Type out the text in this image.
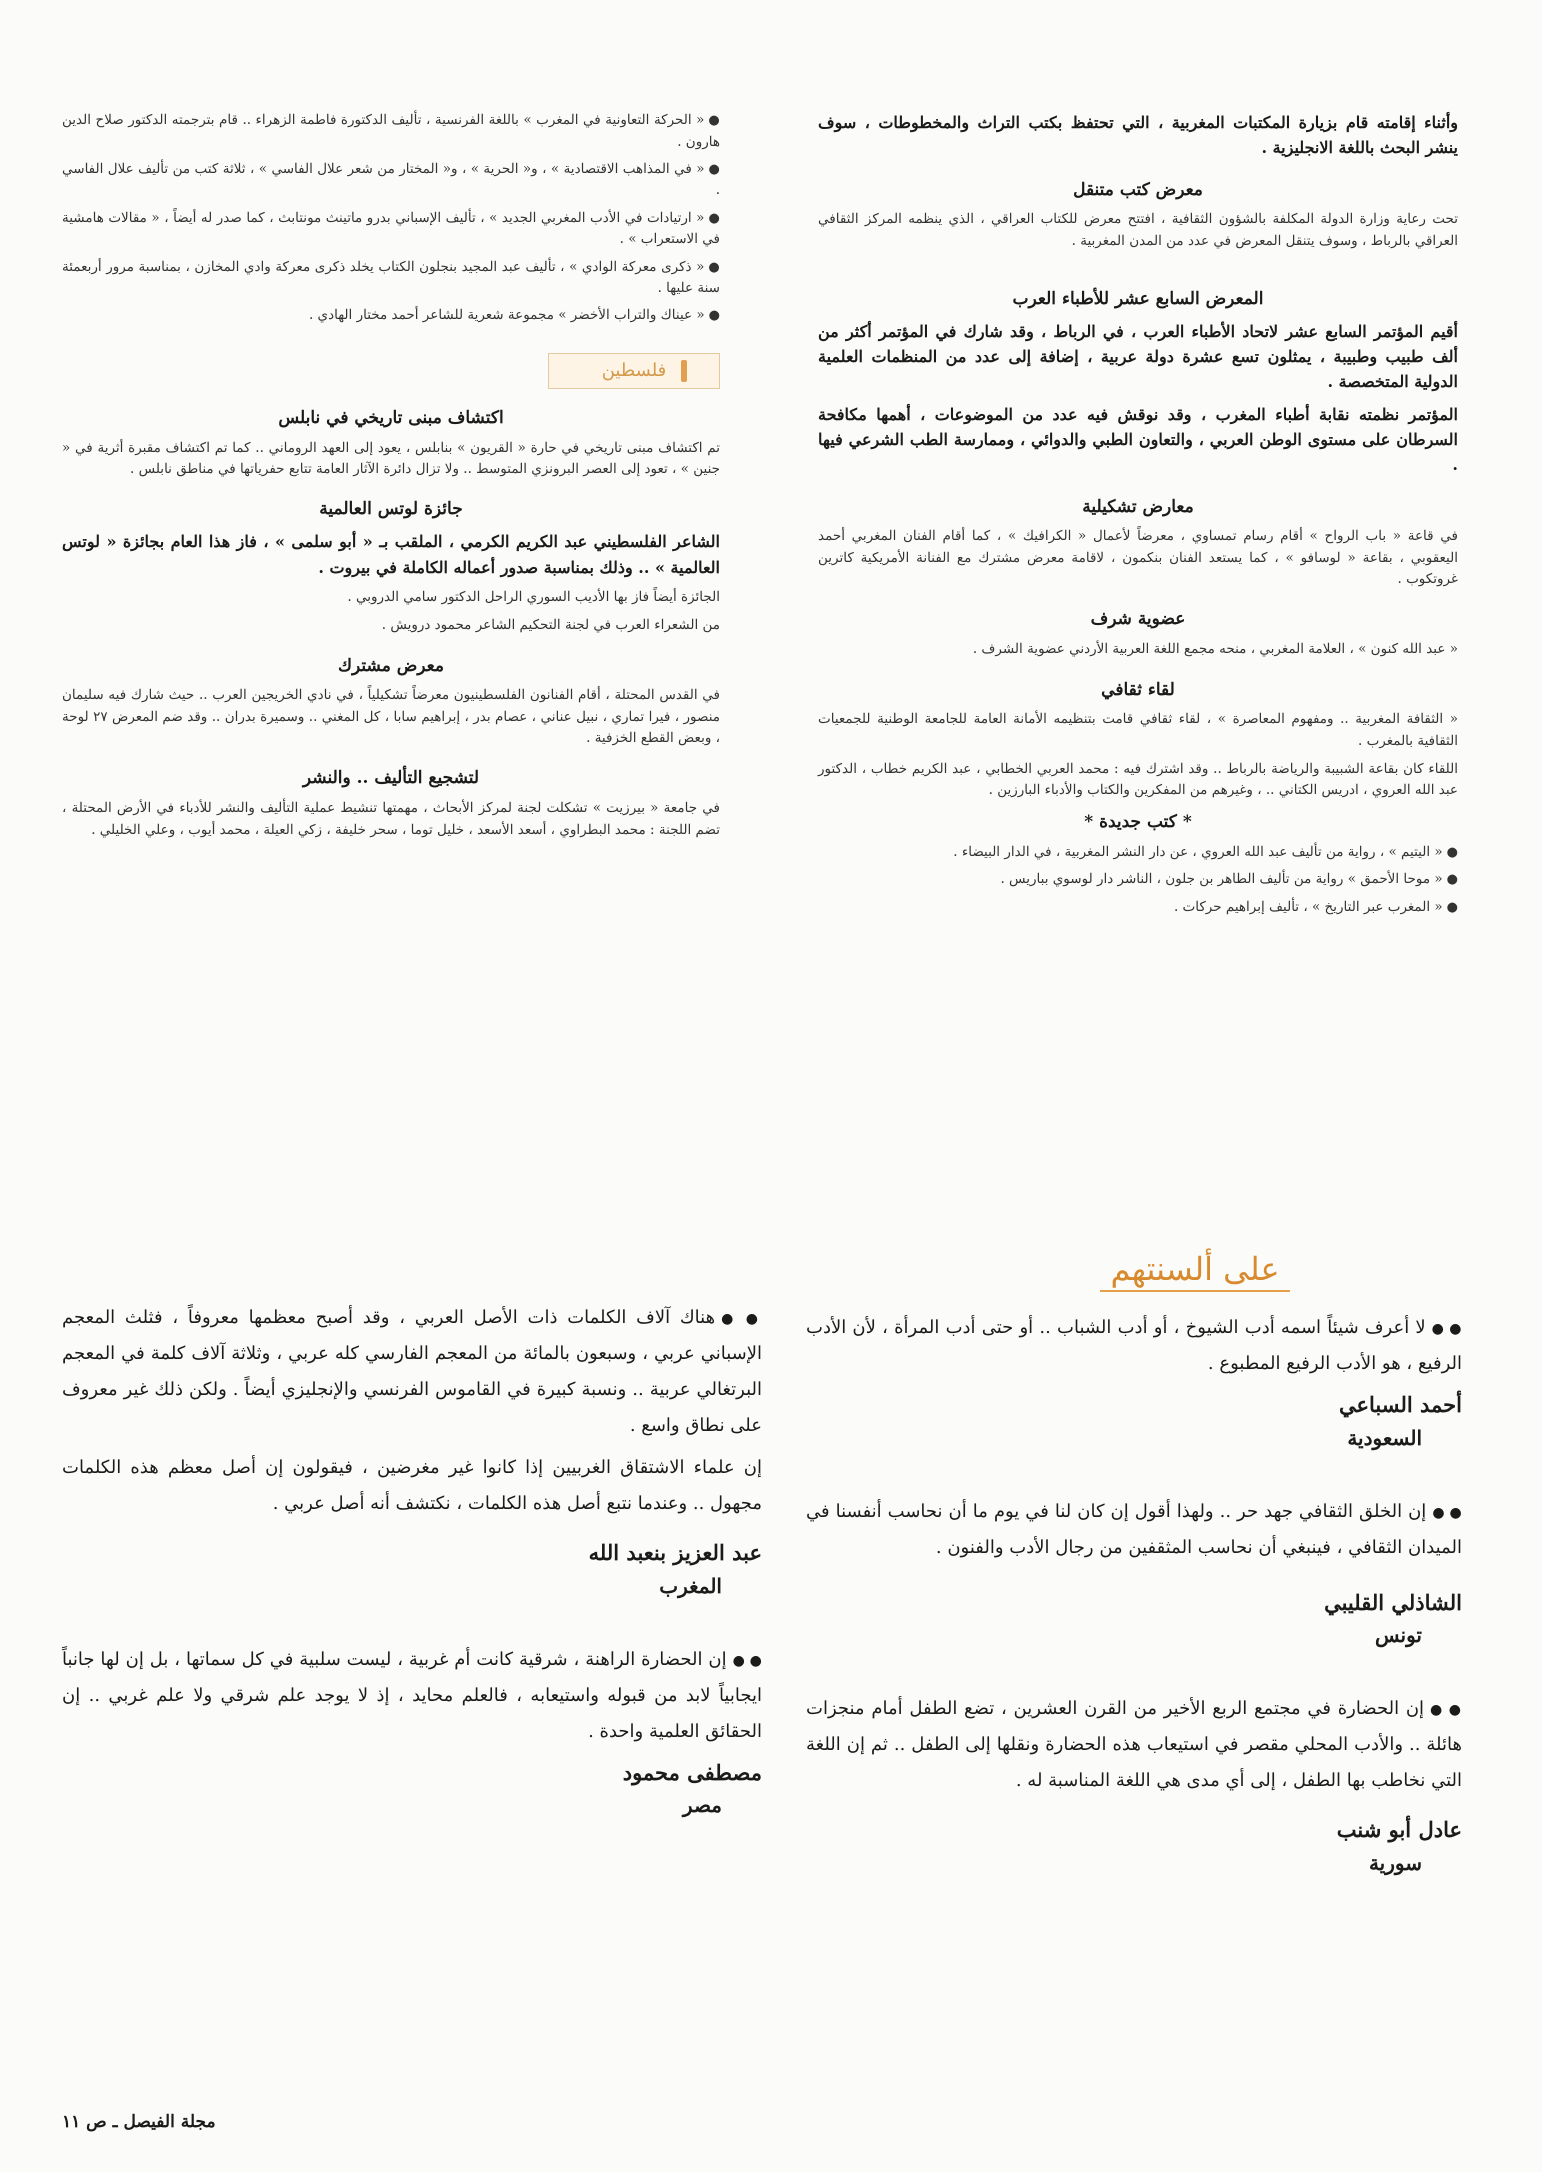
وأثناء إقامته قام بزيارة المكتبات المغربية ، التي تحتفظ بكتب التراث والمخطوطات ، سوف ينشر البحث باللغة الانجليزية .

معرض كتب متنقل

تحت رعاية وزارة الدولة المكلفة بالشؤون الثقافية ، افتتح معرض للكتاب العراقي ، الذي ينظمه المركز الثقافي العراقي بالرباط ، وسوف يتنقل المعرض في عدد من المدن المغربية .

المعرض السابع عشر للأطباء العرب

أقيم المؤتمر السابع عشر لاتحاد الأطباء العرب ، في الرباط ، وقد شارك في المؤتمر أكثر من ألف طبيب وطبيبة ، يمثلون تسع عشرة دولة عربية ، إضافة إلى عدد من المنظمات العلمية الدولية المتخصصة .

المؤتمر نظمته نقابة أطباء المغرب ، وقد نوقش فيه عدد من الموضوعات ، أهمها مكافحة السرطان على مستوى الوطن العربي ، والتعاون الطبي والدوائي ، وممارسة الطب الشرعي فيها .

معارض تشكيلية

في قاعة « باب الرواح » أقام رسام تمساوي ، معرضاً لأعمال « الكرافيك » ، كما أقام الفنان المغربي أحمد اليعقوبي ، بقاعة « لوسافو » ، كما يستعد الفنان بنكمون ، لاقامة معرض مشترك مع الفنانة الأمريكية كاترين غروتكوب .

عضوية شرف

« عبد الله كنون » ، العلامة المغربي ، منحه مجمع اللغة العربية الأردني عضوية الشرف .

لقاء ثقافي

« الثقافة المغربية .. ومفهوم المعاصرة » ، لقاء ثقافي قامت بتنظيمه الأمانة العامة للجامعة الوطنية للجمعيات الثقافية بالمغرب .

اللقاء كان بقاعة الشبيبة والرياضة بالرباط .. وقد اشترك فيه : محمد العربي الخطابي ، عبد الكريم خطاب ، الدكتور عبد الله العروي ، ادريس الكتاني .. ، وغيرهم من المفكرين والكتاب والأدباء البارزين .

* كتب جديدة *

●« اليتيم » ، رواية من تأليف عبد الله العروي ، عن دار النشر المغربية ، في الدار البيضاء .

●« موحا الأحمق » رواية من تأليف الطاهر بن جلون ، الناشر دار لوسوي بباريس .

●« المغرب عبر التاريخ » ، تأليف إبراهيم حركات .

●« الحركة التعاونية في المغرب » باللغة الفرنسية ، تأليف الدكتورة فاطمة الزهراء .. قام بترجمته الدكتور صلاح الدين هارون .

●« في المذاهب الاقتصادية » ، و« الحرية » ، و« المختار من شعر علال الفاسي » ، ثلاثة كتب من تأليف علال الفاسي .

●« ارتيادات في الأدب المغربي الجديد » ، تأليف الإسباني بدرو ماتينث مونتابث ، كما صدر له أيضاً ، « مقالات هامشية في الاستعراب » .

●« ذكرى معركة الوادي » ، تأليف عبد المجيد بنجلون الكتاب يخلد ذكرى معركة وادي المخازن ، بمناسبة مرور أربعمئة سنة عليها .

●« عيناك والتراب الأخضر » مجموعة شعرية للشاعر أحمد مختار الهادي .

فلسطين
اكتشاف مبنى تاريخي في نابلس

تم اكتشاف مبنى تاريخي في حارة « القريون » بنابلس ، يعود إلى العهد الروماني .. كما تم اكتشاف مقبرة أثرية في « جنين » ، تعود إلى العصر البرونزي المتوسط .. ولا تزال دائرة الآثار العامة تتابع حفرياتها في مناطق نابلس .

جائزة لوتس العالمية

الشاعر الفلسطيني عبد الكريم الكرمي ، الملقب بـ « أبو سلمى » ، فاز هذا العام بجائزة « لوتس العالمية » .. وذلك بمناسبة صدور أعماله الكاملة في بيروت .

الجائزة أيضاً فاز بها الأديب السوري الراحل الدكتور سامي الدروبي .

من الشعراء العرب في لجنة التحكيم الشاعر محمود درويش .

معرض مشترك

في القدس المحتلة ، أقام الفنانون الفلسطينيون معرضاً تشكيلياً ، في نادي الخريجين العرب .. حيث شارك فيه سليمان منصور ، فيرا تماري ، نبيل عناني ، عصام بدر ، إبراهيم سابا ، كل المغني .. وسميرة بدران .. وقد ضم المعرض ٢٧ لوحة ، وبعض القطع الخزفية .

لتشجيع التأليف .. والنشر

في جامعة « بيرزيت » تشكلت لجنة لمركز الأبحاث ، مهمتها تنشيط عملية التأليف والنشر للأدباء في الأرض المحتلة ، تضم اللجنة : محمد البطراوي ، أسعد الأسعد ، خليل توما ، سحر خليفة ، زكي العيلة ، محمد أيوب ، وعلي الخليلي .

على ألسنتهم

● ●لا أعرف شيئاً اسمه أدب الشيوخ ، أو أدب الشباب .. أو حتى أدب المرأة ، لأن الأدب الرفيع ، هو الأدب الرفيع المطبوع .

أحمد السباعي

السعودية

● ●إن الخلق الثقافي جهد حر .. ولهذا أقول إن كان لنا في يوم ما أن نحاسب أنفسنا في الميدان الثقافي ، فينبغي أن نحاسب المثقفين من رجال الأدب والفنون .

الشاذلي القليبي

تونس

● ●إن الحضارة في مجتمع الربع الأخير من القرن العشرين ، تضع الطفل أمام منجزات هائلة .. والأدب المحلي مقصر في استيعاب هذه الحضارة ونقلها إلى الطفل .. ثم إن اللغة التي نخاطب بها الطفل ، إلى أي مدى هي اللغة المناسبة له .

عادل أبو شنب

سورية

● ●هناك آلاف الكلمات ذات الأصل العربي ، وقد أصبح معظمها معروفاً ، فثلث المعجم الإسباني عربي ، وسبعون بالمائة من المعجم الفارسي كله عربي ، وثلاثة آلاف كلمة في المعجم البرتغالي عربية .. ونسبة كبيرة في القاموس الفرنسي والإنجليزي أيضاً . ولكن ذلك غير معروف على نطاق واسع .

إن علماء الاشتقاق الغربيين إذا كانوا غير مغرضين ، فيقولون إن أصل معظم هذه الكلمات مجهول .. وعندما نتبع أصل هذه الكلمات ، نكتشف أنه أصل عربي .

عبد العزيز بنعبد الله

المغرب

● ●إن الحضارة الراهنة ، شرقية كانت أم غربية ، ليست سلبية في كل سماتها ، بل إن لها جانباً ايجابياً لابد من قبوله واستيعابه ، فالعلم محايد ، إذ لا يوجد علم شرقي ولا علم غربي .. إن الحقائق العلمية واحدة .

مصطفى محمود

مصر

مجلة الفيصل ـ ص ١١
